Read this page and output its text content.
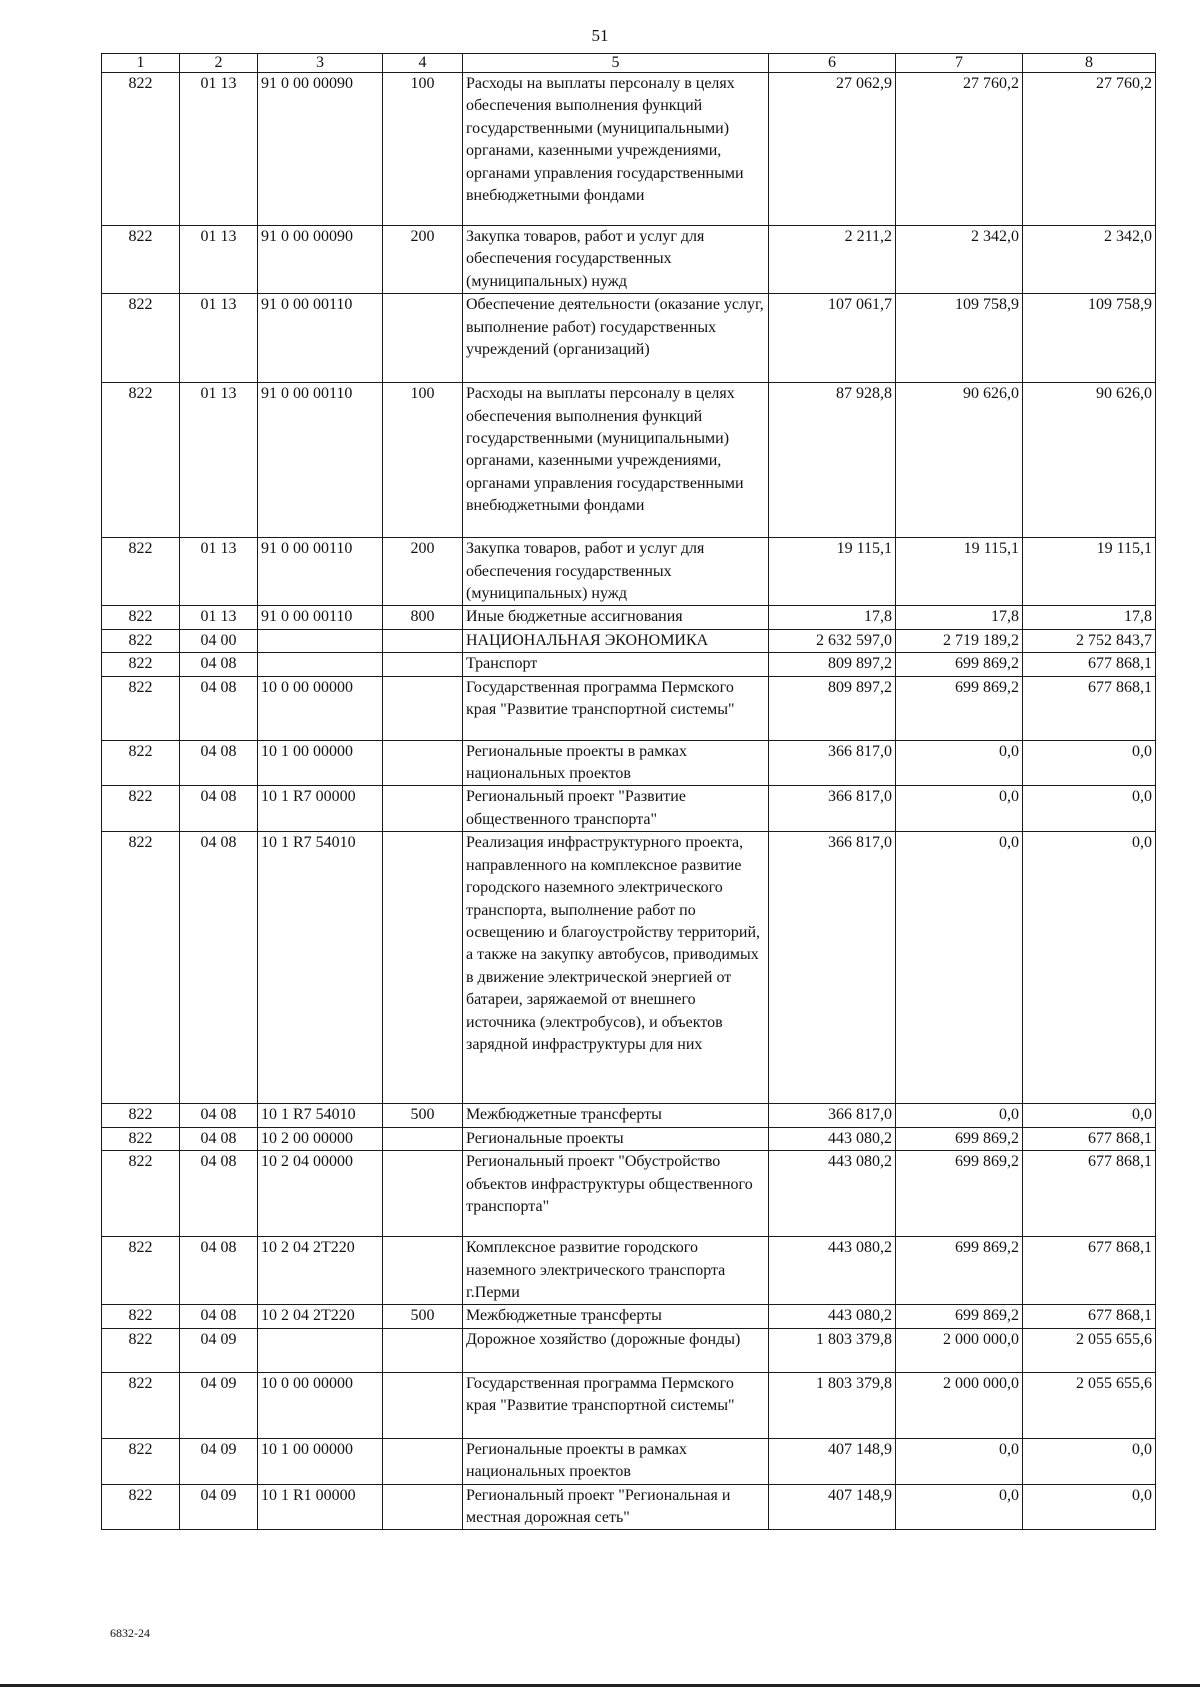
51
1	2	3	4	5	6	7	8
822	01 13	91 0 00 00090	100	Расходы на выплаты персоналу в целях обеспечения выполнения функций государственными (муниципальными) органами, казенными учреждениями, органами управления государственными внебюджетными фондами	27 062,9	27 760,2	27 760,2
822	01 13	91 0 00 00090	200	Закупка товаров, работ и услуг для обеспечения государственных (муниципальных) нужд	2 211,2	2 342,0	2 342,0
822	01 13	91 0 00 00110		Обеспечение деятельности (оказание услуг, выполнение работ) государственных учреждений (организаций)	107 061,7	109 758,9	109 758,9
822	01 13	91 0 00 00110	100	Расходы на выплаты персоналу в целях обеспечения выполнения функций государственными (муниципальными) органами, казенными учреждениями, органами управления государственными внебюджетными фондами	87 928,8	90 626,0	90 626,0
822	01 13	91 0 00 00110	200	Закупка товаров, работ и услуг для обеспечения государственных (муниципальных) нужд	19 115,1	19 115,1	19 115,1
822	01 13	91 0 00 00110	800	Иные бюджетные ассигнования	17,8	17,8	17,8
822	04 00			НАЦИОНАЛЬНАЯ ЭКОНОМИКА	2 632 597,0	2 719 189,2	2 752 843,7
822	04 08			Транспорт	809 897,2	699 869,2	677 868,1
822	04 08	10 0 00 00000		Государственная программа Пермского края "Развитие транспортной системы"	809 897,2	699 869,2	677 868,1
822	04 08	10 1 00 00000		Региональные проекты в рамках национальных проектов	366 817,0	0,0	0,0
822	04 08	10 1 R7 00000		Региональный проект "Развитие общественного транспорта"	366 817,0	0,0	0,0
822	04 08	10 1 R7 54010		Реализация инфраструктурного проекта, направленного на комплексное развитие городского наземного электрического транспорта, выполнение работ по освещению и благоустройству территорий, а также на закупку автобусов, приводимых в движение электрической энергией от батареи, заряжаемой от внешнего источника (электробусов), и объектов зарядной инфраструктуры для них	366 817,0	0,0	0,0
822	04 08	10 1 R7 54010	500	Межбюджетные трансферты	366 817,0	0,0	0,0
822	04 08	10 2 00 00000		Региональные проекты	443 080,2	699 869,2	677 868,1
822	04 08	10 2 04 00000		Региональный проект "Обустройство объектов инфраструктуры общественного транспорта"	443 080,2	699 869,2	677 868,1
822	04 08	10 2 04 2Т220		Комплексное развитие городского наземного электрического транспорта г.Перми	443 080,2	699 869,2	677 868,1
822	04 08	10 2 04 2Т220	500	Межбюджетные трансферты	443 080,2	699 869,2	677 868,1
822	04 09			Дорожное хозяйство (дорожные фонды)	1 803 379,8	2 000 000,0	2 055 655,6
822	04 09	10 0 00 00000		Государственная программа Пермского края "Развитие транспортной системы"	1 803 379,8	2 000 000,0	2 055 655,6
822	04 09	10 1 00 00000		Региональные проекты в рамках национальных проектов	407 148,9	0,0	0,0
822	04 09	10 1 R1 00000		Региональный проект "Региональная и местная дорожная сеть"	407 148,9	0,0	0,0
6832-24
